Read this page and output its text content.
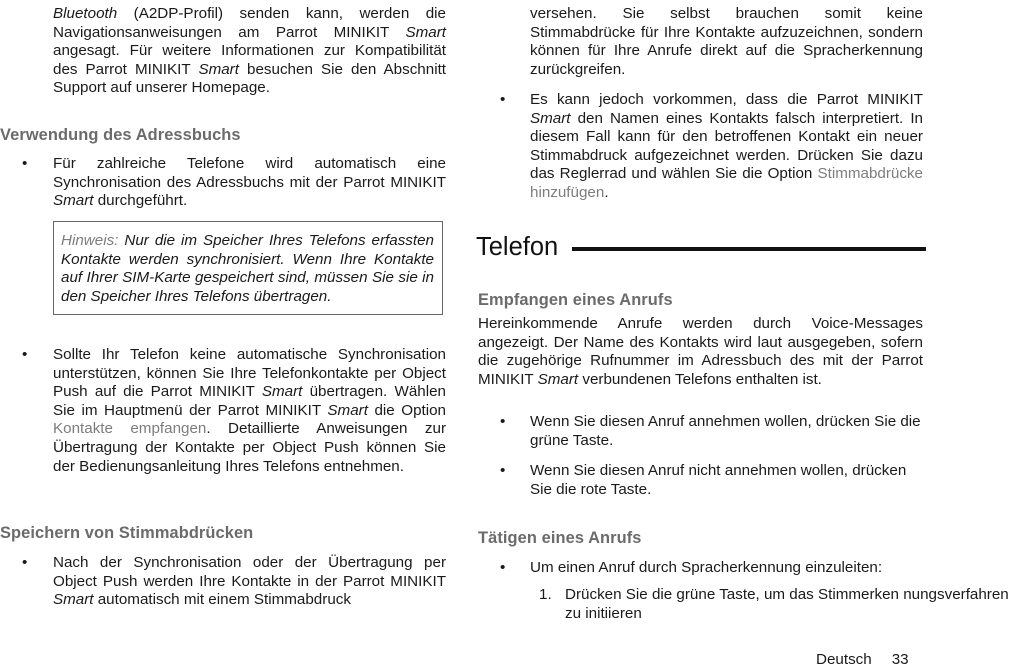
Bluetooth (A2DP-Profil) senden kann, werden die Navigationsanweisungen am Parrot MINIKIT Smart angesagt. Für weitere Informationen zur Kompatibilität des Parrot MINIKIT Smart besuchen Sie den Abschnitt Support auf unserer Homepage.

Verwendung des Adressbuchs
• Für zahlreiche Telefone wird automatisch eine Synchronisation des Adressbuchs mit der Parrot MINIKIT Smart durchgeführt.

Hinweis: Nur die im Speicher Ihres Telefons erfassten Kontakte werden synchronisiert. Wenn Ihre Kontakte auf Ihrer SIM-Karte gespeichert sind, müssen Sie sie in den Speicher Ihres Telefons übertragen.
• Sollte Ihr Telefon keine automatische Synchronisation unterstützen, können Sie Ihre Telefonkontakte per Object Push auf die Parrot MINIKIT Smart übertragen. Wählen Sie im Hauptmenü der Parrot MINIKIT Smart die Option Kontakte empfangen. Detaillierte Anweisungen zur Übertragung der Kontakte per Object Push können Sie der Bedienungsanleitung Ihres Telefons entnehmen.

Speichern von Stimmabdrücken
• Nach der Synchronisation oder der Übertragung per Object Push werden Ihre Kontakte in der Parrot MINIKIT Smart automatisch mit einem Stimmabdruck

versehen. Sie selbst brauchen somit keine Stimmabdrücke für Ihre Kontakte aufzuzeichnen, sondern können für Ihre Anrufe direkt auf die Spracherkennung zurückgreifen.

• Es kann jedoch vorkommen, dass die Parrot MINIKIT Smart den Namen eines Kontakts falsch interpretiert. In diesem Fall kann für den betroffenen Kontakt ein neuer Stimmabdruck aufgezeichnet werden. Drücken Sie dazu das Reglerrad und wählen Sie die Option Stimmabdrücke hinzufügen.

Telefon
Empfangen eines Anrufs

Hereinkommende Anrufe werden durch Voice-Messages angezeigt. Der Name des Kontakts wird laut ausgegeben, sofern die zugehörige Rufnummer im Adressbuch des mit der Parrot MINIKIT Smart verbundenen Telefons enthalten ist.

• Wenn Sie diesen Anruf annehmen wollen, drücken Sie die grüne Taste.

• Wenn Sie diesen Anruf nicht annehmen wollen, drücken Sie die rote Taste.

Tätigen eines Anrufs
• Um einen Anruf durch Spracherkennung einzuleiten:

1. Drücken Sie die grüne Taste, um das Stimmerken nungsverfahren zu initiieren

Deutsch 33
